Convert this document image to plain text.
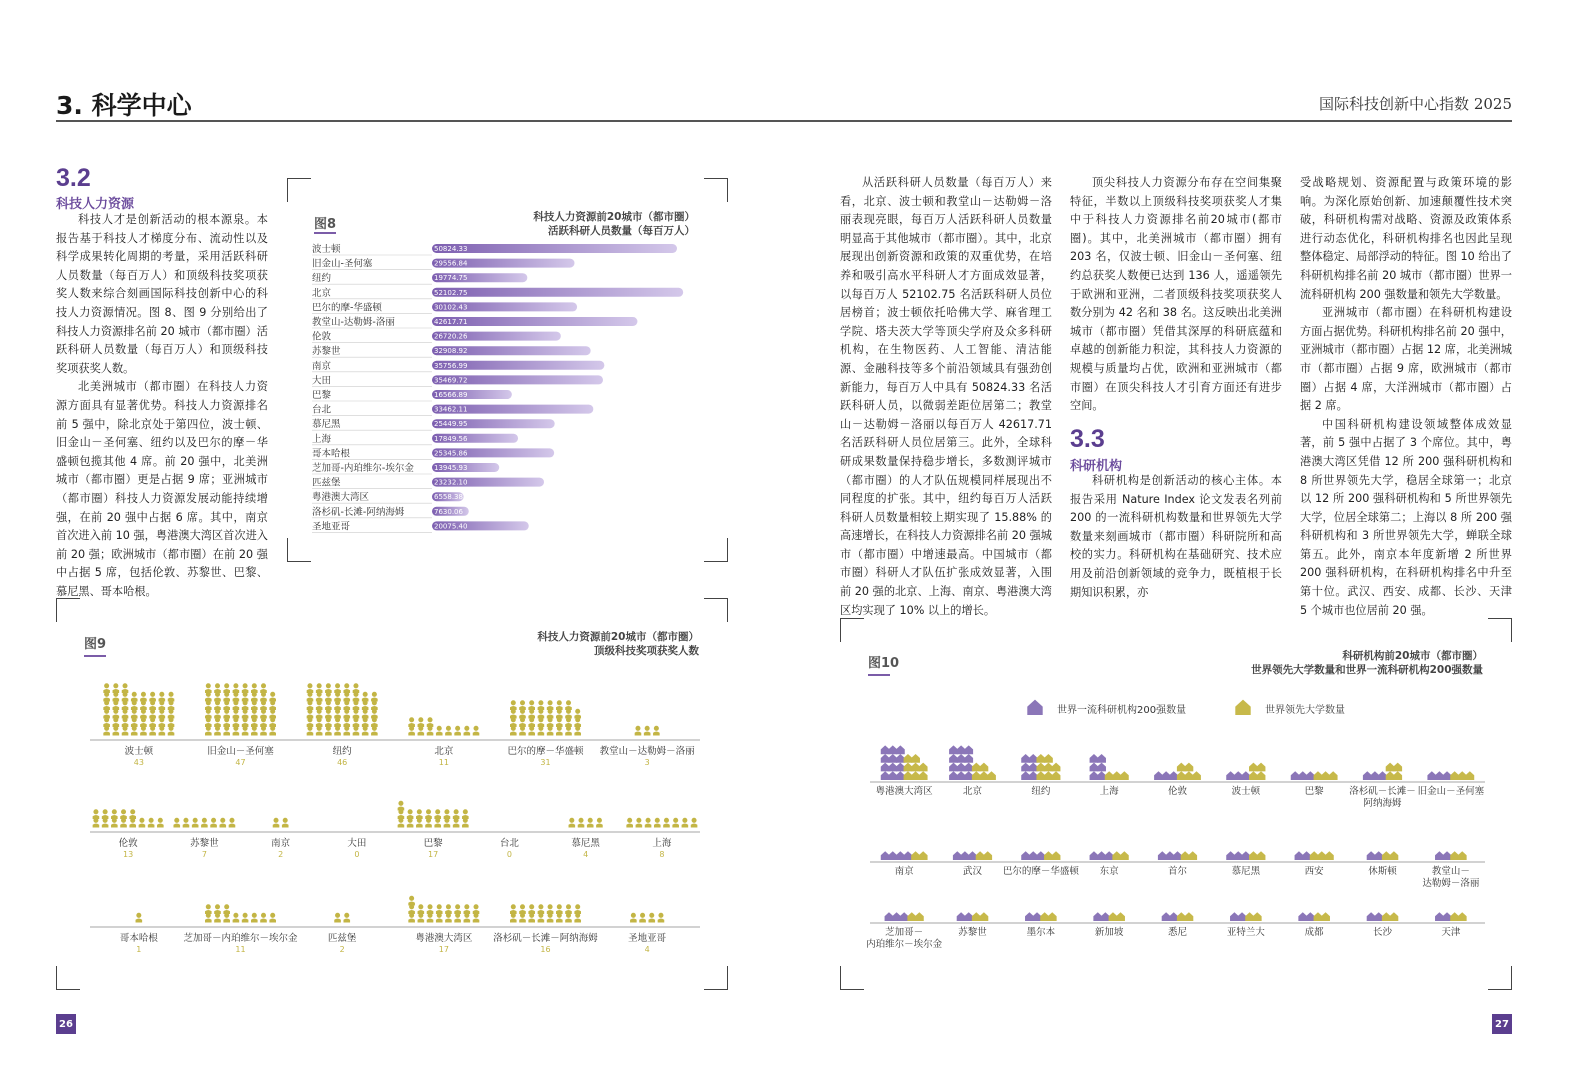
3. 科学中心	国际科技创新中心指数 2025
3.2
科技人力资源

科技人才是创新活动的根本源泉。本报告基于科技人才梯度分布、流动性以及科学成果转化周期的考量，采用活跃科研人员数量（每百万人）和顶级科技奖项获奖人数来综合刻画国际科技创新中心的科技人力资源情况。图 8、图 9 分别给出了科技人力资源排名前 20 城市（都市圈）活跃科研人员数量（每百万人）和顶级科技奖项获奖人数。

北美洲城市（都市圈）在科技人力资源方面具有显著优势。科技人力资源排名前 5 强中，除北京处于第四位，波士顿、旧金山－圣何塞、纽约以及巴尔的摩－华盛顿包揽其他 4 席。前 20 强中，北美洲城市（都市圈）更是占据 9 席；亚洲城市（都市圈）科技人力资源发展动能持续增强，在前 20 强中占据 6 席。其中，南京首次进入前 10 强，粤港澳大湾区首次进入前 20 强；欧洲城市（都市圈）在前 20 强中占据 5 席，包括伦敦、苏黎世、巴黎、慕尼黑、哥本哈根。

从活跃科研人员数量（每百万人）来看，北京、波士顿和教堂山－达勒姆－洛丽表现亮眼，每百万人活跃科研人员数量明显高于其他城市（都市圈）。其中，北京展现出创新资源和政策的双重优势，在培养和吸引高水平科研人才方面成效显著，以每百万人 52102.75 名活跃科研人员位居榜首；波士顿依托哈佛大学、麻省理工学院、塔夫茨大学等顶尖学府及众多科研机构，在生物医药、人工智能、清洁能源、金融科技等多个前沿领域具有强劲创新能力，每百万人中具有 50824.33 名活跃科研人员，以微弱差距位居第二；教堂山－达勒姆－洛丽以每百万人 42617.71 名活跃科研人员位居第三。此外，全球科研成果数量保持稳步增长，多数测评城市（都市圈）的人才队伍规模同样展现出不同程度的扩张。其中，纽约每百万人活跃科研人员数量相较上期实现了 15.88% 的高速增长，在科技人力资源排名前 20 强城市（都市圈）中增速最高。中国城市（都市圈）科研人才队伍扩张成效显著，入围前 20 强的北京、上海、南京、粤港澳大湾区均实现了 10% 以上的增长。

顶尖科技人力资源分布存在空间集聚特征，半数以上顶级科技奖项获奖人才集中于科技人力资源排名前20城市(都市圈)。其中，北美洲城市（都市圈）拥有 203 名，仅波士顿、旧金山－圣何塞、纽约总获奖人数便已达到 136 人，遥遥领先于欧洲和亚洲，二者顶级科技奖项获奖人数分别为 42 名和 38 名。这反映出北美洲城市（都市圈）凭借其深厚的科研底蕴和卓越的创新能力积淀，其科技人力资源的规模与质量均占优，欧洲和亚洲城市（都市圈）在顶尖科技人才引育方面还有进步空间。

3.3
科研机构

科研机构是创新活动的核心主体。本报告采用 Nature Index 论文发表名列前 200 的一流科研机构数量和世界领先大学数量来刻画城市（都市圈）科研院所和高校的实力。科研机构在基础研究、技术应用及前沿创新领域的竞争力，既植根于长期知识积累，亦

受战略规划、资源配置与政策环境的影响。为深化原始创新、加速颠覆性技术突破，科研机构需对战略、资源及政策体系进行动态优化，科研机构排名也因此呈现整体稳定、局部浮动的特征。图 10 给出了科研机构排名前 20 城市（都市圈）世界一流科研机构 200 强数量和领先大学数量。

亚洲城市（都市圈）在科研机构建设方面占据优势。科研机构排名前 20 强中，亚洲城市（都市圈）占据 12 席，北美洲城市（都市圈）占据 9 席，欧洲城市（都市圈）占据 4 席，大洋洲城市（都市圈）占据 2 席。

中国科研机构建设领域整体成效显著，前 5 强中占据了 3 个席位。其中，粤港澳大湾区凭借 12 所 200 强科研机构和 8 所世界领先大学，稳居全球第一；北京以 12 所 200 强科研机构和 5 所世界领先大学，位居全球第二；上海以 8 所 200 强科研机构和 3 所世界领先大学，蝉联全球第五。此外，南京本年度新增 2 所世界 200 强科研机构，在科研机构排名中升至第十位。武汉、西安、成都、长沙、天津 5 个城市也位居前 20 强。

图8	科技人力资源前20城市（都市圈）
活跃科研人员数量（每百万人）
波士顿	50824.33
旧金山-圣何塞	29556.84
纽约	19774.75
北京	52102.75
巴尔的摩-华盛顿	30102.43
教堂山-达勒姆-洛丽	42617.71
伦敦	26720.26
苏黎世	32908.92
南京	35756.99
大田	35469.72
巴黎	16566.89
台北	33462.11
慕尼黑	25449.95
上海	17849.56
哥本哈根	25345.86
芝加哥-内珀维尔-埃尔金	13945.93
匹兹堡	23232.10
粤港澳大湾区	6558.38
洛杉矶-长滩-阿纳海姆	7630.06
圣地亚哥	20075.40
图9	科技人力资源前20城市（都市圈）
顶级科技奖项获奖人数
波士顿
43
旧金山－圣何塞
47
纽约
46
北京
11
巴尔的摩－华盛顿
31
教堂山－达勒姆－洛丽
3
伦敦
13
苏黎世
7
南京
2
大田
0
巴黎
17
台北
0
慕尼黑
4
上海
8
哥本哈根
1
芝加哥－内珀维尔－埃尔金
11
匹兹堡
2
粤港澳大湾区
17
洛杉矶－长滩－阿纳海姆
16
圣地亚哥
4
图10	科研机构前20城市（都市圈）
世界领先大学数量和世界一流科研机构200强数量
世界一流科研机构200强数量	世界领先大学数量
粤港澳大湾区	北京	纽约	上海	伦敦	波士顿	巴黎	洛杉矶－长滩－
阿纳海姆
旧金山－圣何塞
南京	武汉 巴尔的摩－华盛顿 东京	首尔	慕尼黑	西安	休斯顿	教堂山－
达勒姆－洛丽
芝加哥－
内珀维尔－埃尔金
苏黎世	墨尔本	新加坡	悉尼	亚特兰大	成都	长沙	天津
26	27
